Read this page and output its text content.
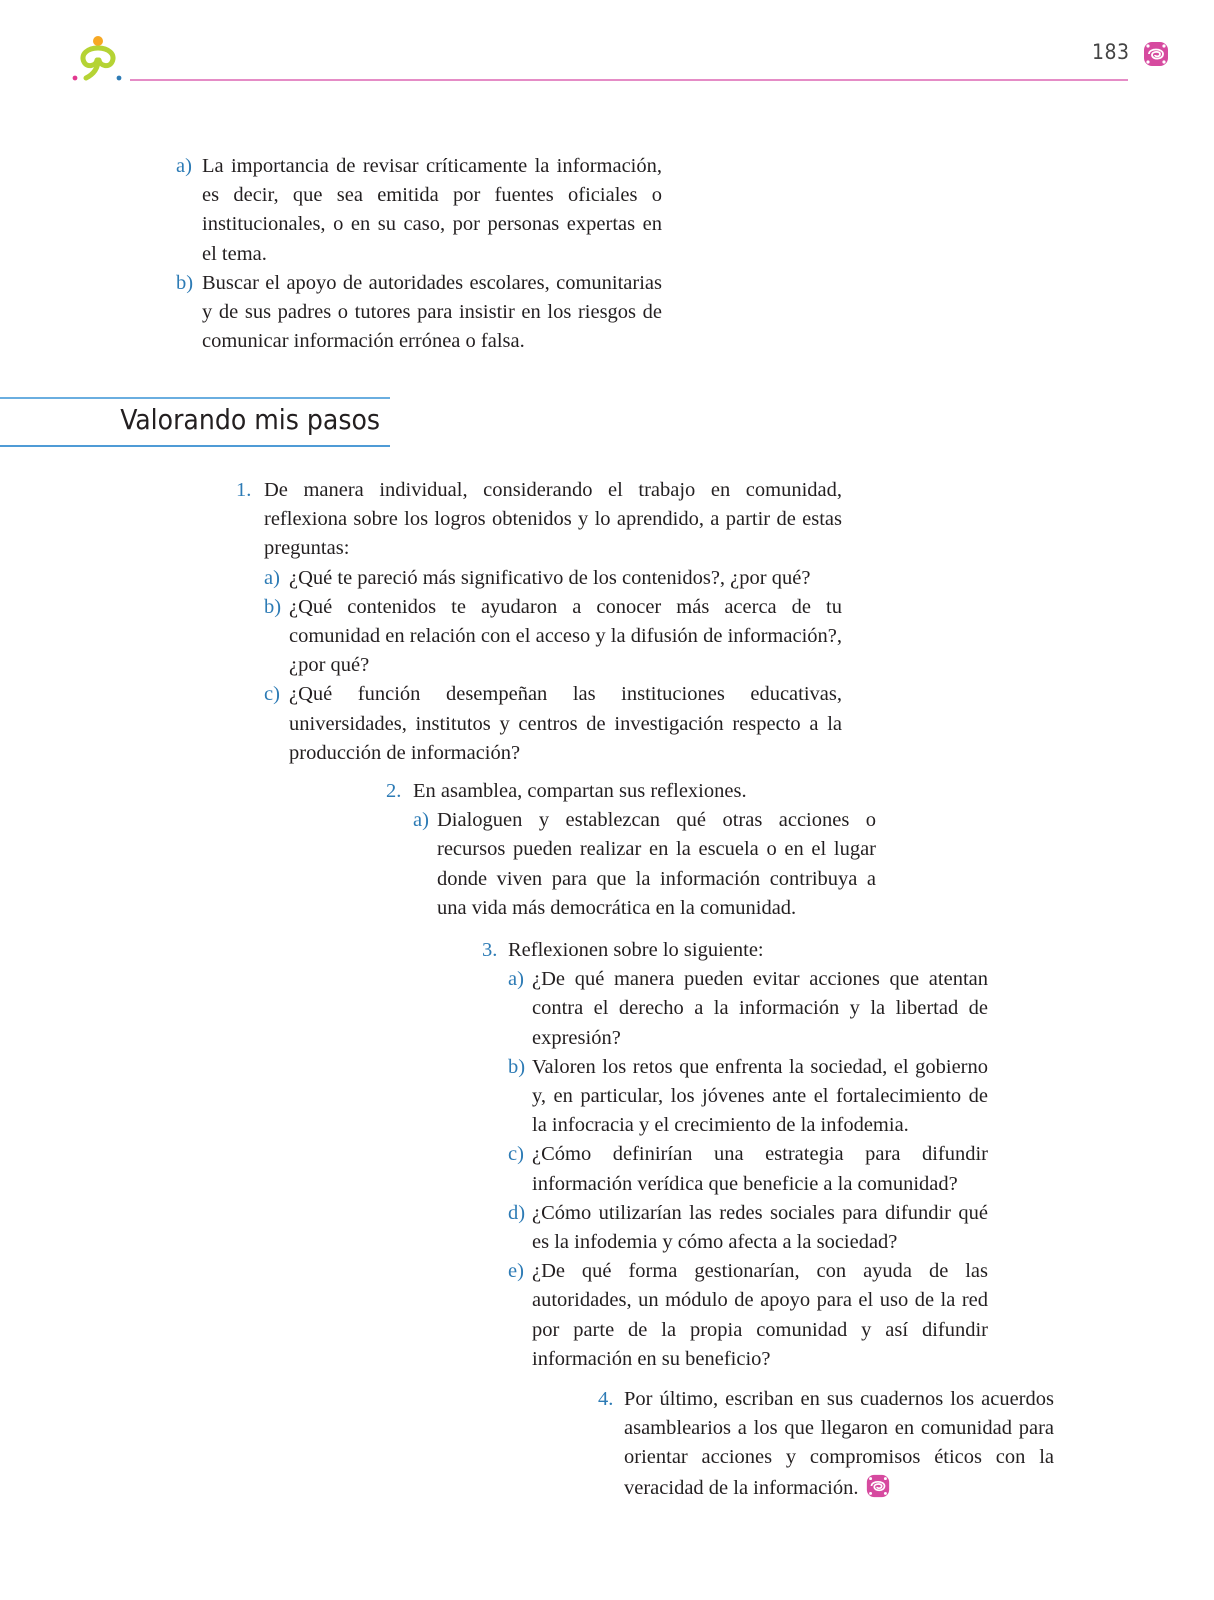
183
a) La importancia de revisar críticamente la información, es decir, que sea emitida por fuentes oficiales o institucionales, o en su caso, por personas expertas en el tema.
b) Buscar el apoyo de autoridades escolares, comunitarias y de sus padres o tutores para insistir en los riesgos de comunicar información errónea o falsa.
Valorando mis pasos
1. De manera individual, considerando el trabajo en comunidad, reflexiona sobre los logros obtenidos y lo aprendido, a partir de estas preguntas:
a) ¿Qué te pareció más significativo de los contenidos?, ¿por qué?
b) ¿Qué contenidos te ayudaron a conocer más acerca de tu comunidad en relación con el acceso y la difusión de información?, ¿por qué?
c) ¿Qué función desempeñan las instituciones educativas, universidades, institutos y centros de investigación respecto a la producción de información?
2. En asamblea, compartan sus reflexiones.
a) Dialoguen y establezcan qué otras acciones o recursos pueden realizar en la escuela o en el lugar donde viven para que la información contribuya a una vida más democrática en la comunidad.
3. Reflexionen sobre lo siguiente:
a) ¿De qué manera pueden evitar acciones que atentan contra el derecho a la información y la libertad de expresión?
b) Valoren los retos que enfrenta la sociedad, el gobierno y, en particular, los jóvenes ante el fortalecimiento de la infocracia y el crecimiento de la infodemia.
c) ¿Cómo definirían una estrategia para difundir información verídica que beneficie a la comunidad?
d) ¿Cómo utilizarían las redes sociales para difundir qué es la infodemia y cómo afecta a la sociedad?
e) ¿De qué forma gestionarían, con ayuda de las autoridades, un módulo de apoyo para el uso de la red por parte de la propia comunidad y así difundir información en su beneficio?
4. Por último, escriban en sus cuadernos los acuerdos asamblearios a los que llegaron en comunidad para orientar acciones y compromisos éticos con la veracidad de la información.
